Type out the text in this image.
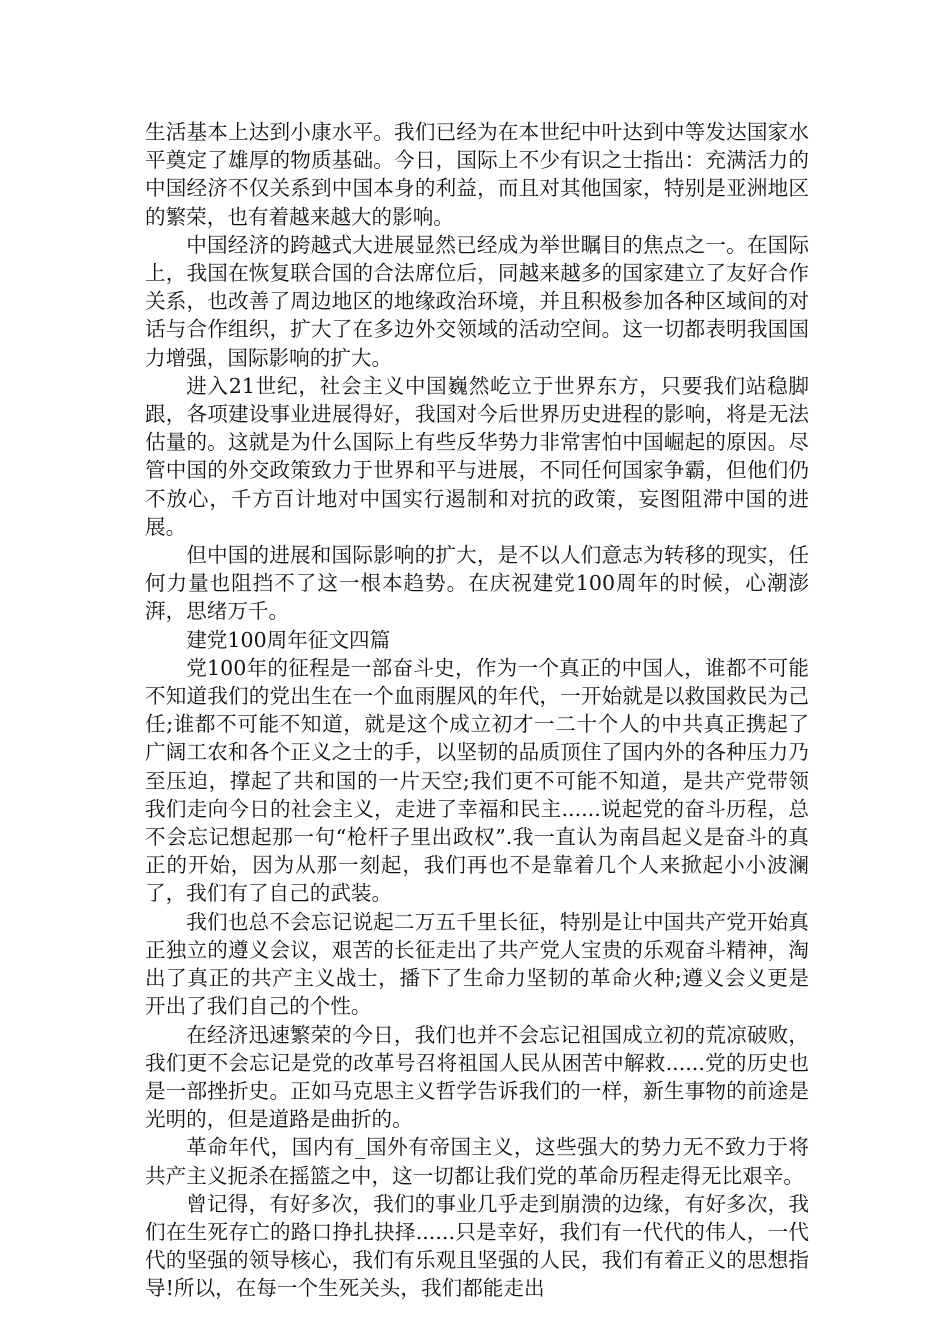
生活基本上达到小康水平。我们已经为在本世纪中叶达到中等发达国家水平奠定了雄厚的物质基础。今日，国际上不少有识之士指出：充满活力的中国经济不仅关系到中国本身的利益，而且对其他国家，特别是亚洲地区的繁荣，也有着越来越大的影响。

中国经济的跨越式大进展显然已经成为举世瞩目的焦点之一。在国际上，我国在恢复联合国的合法席位后，同越来越多的国家建立了友好合作关系，也改善了周边地区的地缘政治环境，并且积极参加各种区域间的对话与合作组织，扩大了在多边外交领域的活动空间。这一切都表明我国国力增强，国际影响的扩大。

进入21世纪，社会主义中国巍然屹立于世界东方，只要我们站稳脚跟，各项建设事业进展得好，我国对今后世界历史进程的影响，将是无法估量的。这就是为什么国际上有些反华势力非常害怕中国崛起的原因。尽管中国的外交政策致力于世界和平与进展，不同任何国家争霸，但他们仍不放心，千方百计地对中国实行遏制和对抗的政策，妄图阻滞中国的进展。

但中国的进展和国际影响的扩大，是不以人们意志为转移的现实，任何力量也阻挡不了这一根本趋势。在庆祝建党100周年的时候，心潮澎湃，思绪万千。

建党100周年征文四篇

党100年的征程是一部奋斗史，作为一个真正的中国人，谁都不可能不知道我们的党出生在一个血雨腥风的年代，一开始就是以救国救民为己任;谁都不可能不知道，就是这个成立初才一二十个人的中共真正携起了广阔工农和各个正义之士的手，以坚韧的品质顶住了国内外的各种压力乃至压迫，撑起了共和国的一片天空;我们更不可能不知道，是共产党带领我们走向今日的社会主义，走进了幸福和民主......说起党的奋斗历程，总不会忘记想起那一句“枪杆子里出政权”.我一直认为南昌起义是奋斗的真正的开始，因为从那一刻起，我们再也不是靠着几个人来掀起小小波澜了，我们有了自己的武装。

我们也总不会忘记说起二万五千里长征，特别是让中国共产党开始真正独立的遵义会议，艰苦的长征走出了共产党人宝贵的乐观奋斗精神，淘出了真正的共产主义战士，播下了生命力坚韧的革命火种;遵义会义更是开出了我们自己的个性。

在经济迅速繁荣的今日，我们也并不会忘记祖国成立初的荒凉破败，我们更不会忘记是党的改革号召将祖国人民从困苦中解救......党的历史也是一部挫折史。正如马克思主义哲学告诉我们的一样，新生事物的前途是光明的，但是道路是曲折的。

革命年代，国内有_国外有帝国主义，这些强大的势力无不致力于将共产主义扼杀在摇篮之中，这一切都让我们党的革命历程走得无比艰辛。

曾记得，有好多次，我们的事业几乎走到崩溃的边缘，有好多次，我们在生死存亡的路口挣扎抉择......只是幸好，我们有一代代的伟人，一代代的坚强的领导核心，我们有乐观且坚强的人民，我们有着正义的思想指导!所以，在每一个生死关头，我们都能走出
